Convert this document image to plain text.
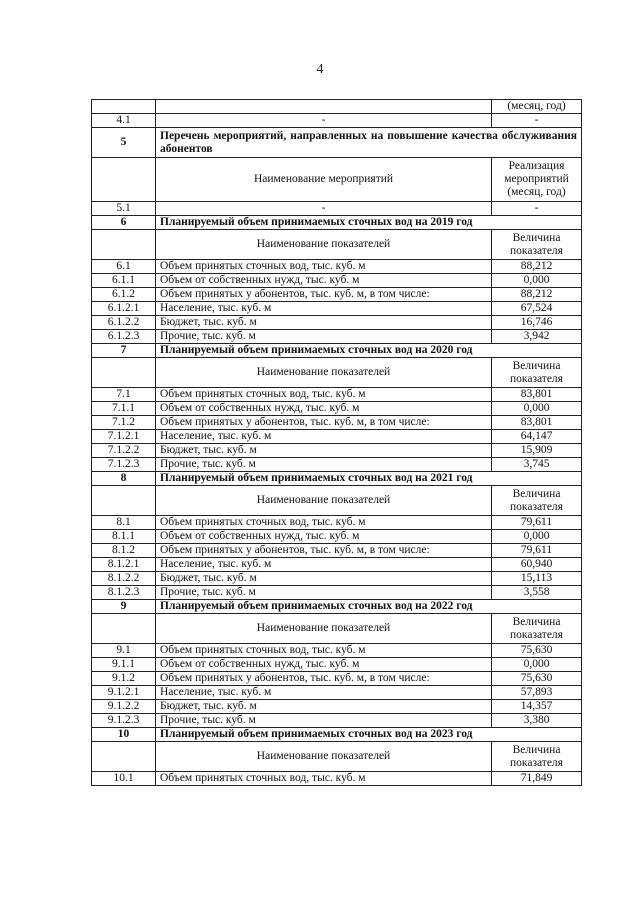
4
		(месяц, год)
4.1	-	-
5	Перечень мероприятий, направленных на повышение качества обслуживания абонентов	
	Наименование мероприятий	Реализация мероприятий (месяц, год)
5.1	-	-
6	Планируемый объем принимаемых сточных вод на 2019 год	
	Наименование показателей	Величина показателя
6.1	Объем принятых сточных вод, тыс. куб. м	88,212
6.1.1	Объем от собственных нужд, тыс. куб. м	0,000
6.1.2	Объем принятых у абонентов, тыс. куб. м, в том числе:	88,212
6.1.2.1	Население, тыс. куб. м	67,524
6.1.2.2	Бюджет, тыс. куб. м	16,746
6.1.2.3	Прочие, тыс. куб. м	3,942
7	Планируемый объем принимаемых сточных вод на 2020 год	
	Наименование показателей	Величина показателя
7.1	Объем принятых сточных вод, тыс. куб. м	83,801
7.1.1	Объем от собственных нужд, тыс. куб. м	0,000
7.1.2	Объем принятых у абонентов, тыс. куб. м, в том числе:	83,801
7.1.2.1	Население, тыс. куб. м	64,147
7.1.2.2	Бюджет, тыс. куб. м	15,909
7.1.2.3	Прочие, тыс. куб. м	3,745
8	Планируемый объем принимаемых сточных вод на 2021 год	
	Наименование показателей	Величина показателя
8.1	Объем принятых сточных вод, тыс. куб. м	79,611
8.1.1	Объем от собственных нужд, тыс. куб. м	0,000
8.1.2	Объем принятых у абонентов, тыс. куб. м, в том числе:	79,611
8.1.2.1	Население, тыс. куб. м	60,940
8.1.2.2	Бюджет, тыс. куб. м	15,113
8.1.2.3	Прочие, тыс. куб. м	3,558
9	Планируемый объем принимаемых сточных вод на 2022 год	
	Наименование показателей	Величина показателя
9.1	Объем принятых сточных вод, тыс. куб. м	75,630
9.1.1	Объем от собственных нужд, тыс. куб. м	0,000
9.1.2	Объем принятых у абонентов, тыс. куб. м, в том числе:	75,630
9.1.2.1	Население, тыс. куб. м	57,893
9.1.2.2	Бюджет, тыс. куб. м	14,357
9.1.2.3	Прочие, тыс. куб. м	3,380
10	Планируемый объем принимаемых сточных вод на 2023 год	
	Наименование показателей	Величина показателя
10.1	Объем принятых сточных вод, тыс. куб. м	71,849
